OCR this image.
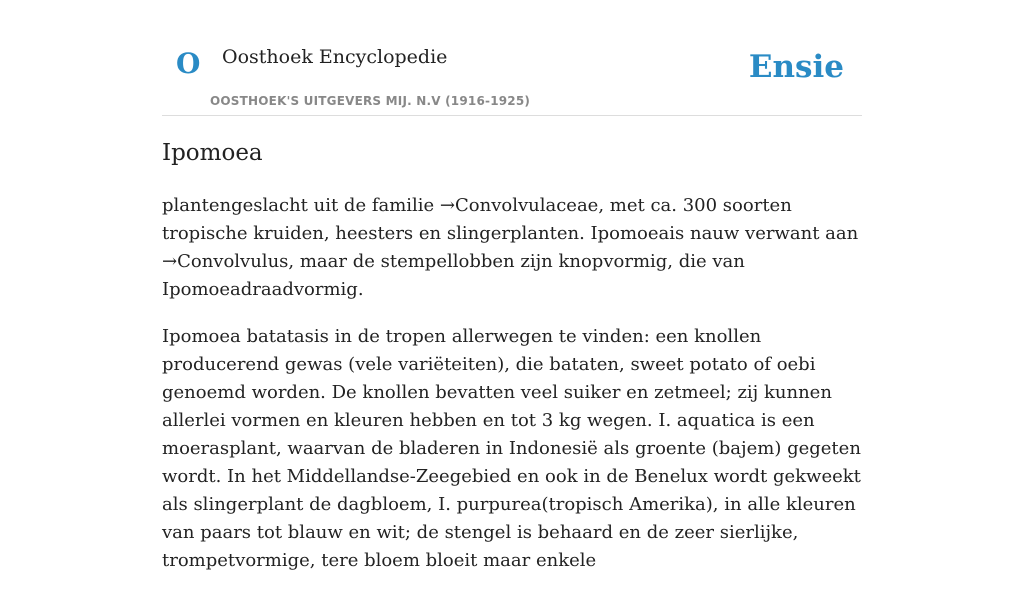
O Oosthoek Encyclopedie
OOSTHOEK'S UITGEVERS MIJ. N.V (1916-1925)
Ensie
Ipomoea

plantengeslacht uit de familie →Convolvulaceae, met ca. 300 soorten tropische kruiden, heesters en slingerplanten. Ipomoeais nauw verwant aan →Convolvulus, maar de stempellobben zijn knopvormig, die van Ipomoeadraadvormig.

Ipomoea batatasis in de tropen allerwegen te vinden: een knollen producerend gewas (vele variëteiten), die bataten, sweet potato of oebi genoemd worden. De knollen bevatten veel suiker en zetmeel; zij kunnen allerlei vormen en kleuren hebben en tot 3 kg wegen. I. aquatica is een moerasplant, waarvan de bladeren in Indonesië als groente (bajem) gegeten wordt. In het Middellandse-Zeegebied en ook in de Benelux wordt gekweekt als slingerplant de dagbloem, I. purpurea(tropisch Amerika), in alle kleuren van paars tot blauw en wit; de stengel is behaard en de zeer sierlijke, trompetvormige, tere bloem bloeit maar enkele
